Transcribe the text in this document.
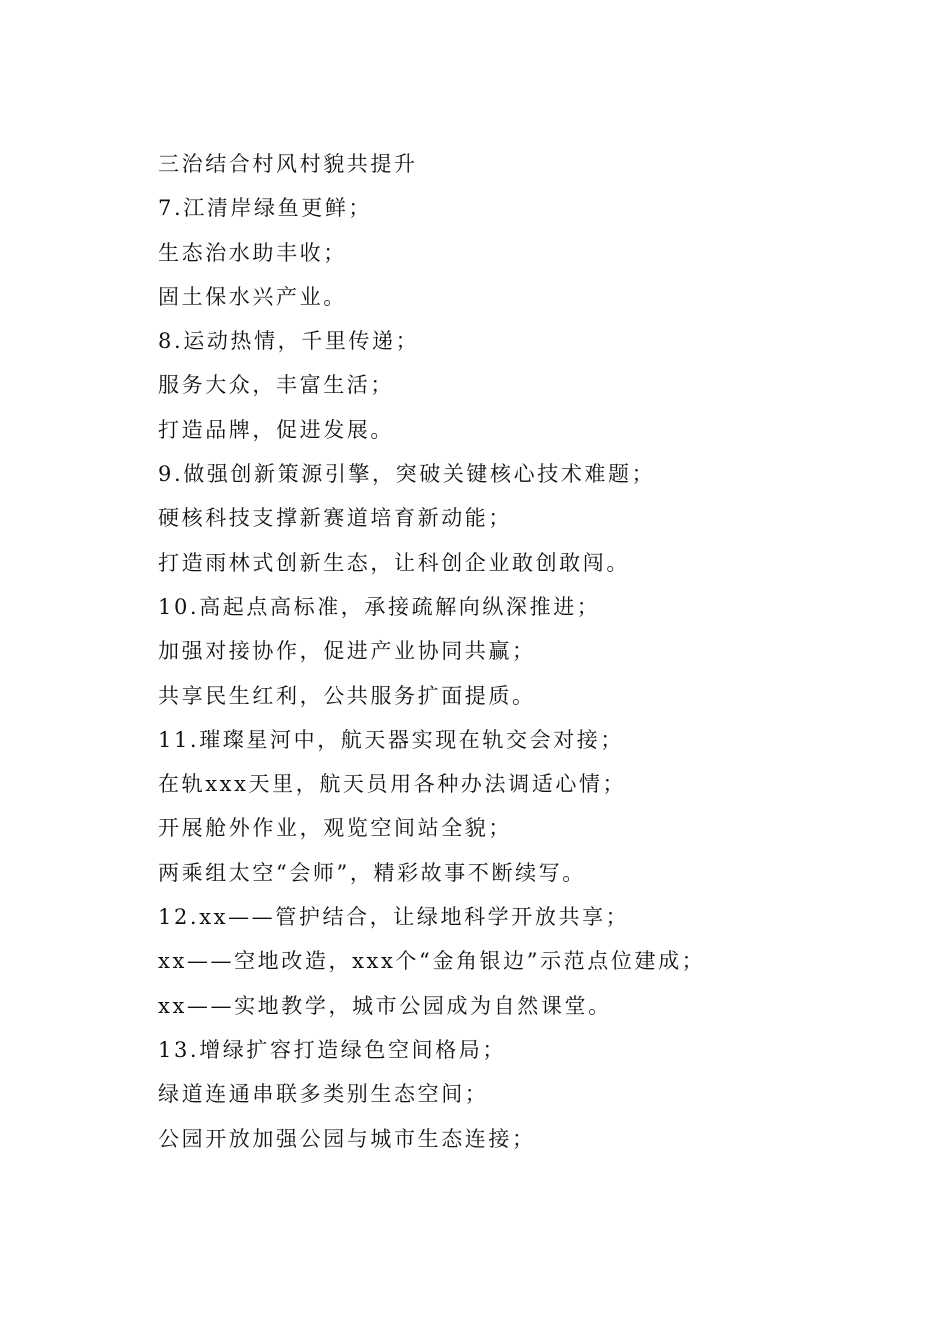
三治结合村风村貌共提升
7.江清岸绿鱼更鲜；
生态治水助丰收；
固土保水兴产业。
8.运动热情，千里传递；
服务大众，丰富生活；
打造品牌，促进发展。
9.做强创新策源引擎，突破关键核心技术难题；
硬核科技支撑新赛道培育新动能；
打造雨林式创新生态，让科创企业敢创敢闯。
10.高起点高标准，承接疏解向纵深推进；
加强对接协作，促进产业协同共赢；
共享民生红利，公共服务扩面提质。
11.璀璨星河中，航天器实现在轨交会对接；
在轨xxx天里，航天员用各种办法调适心情；
开展舱外作业，观览空间站全貌；
两乘组太空“会师”，精彩故事不断续写。
12.xx——管护结合，让绿地科学开放共享；
xx——空地改造，xxx个“金角银边”示范点位建成；
xx——实地教学，城市公园成为自然课堂。
13.增绿扩容打造绿色空间格局；
绿道连通串联多类别生态空间；
公园开放加强公园与城市生态连接；
